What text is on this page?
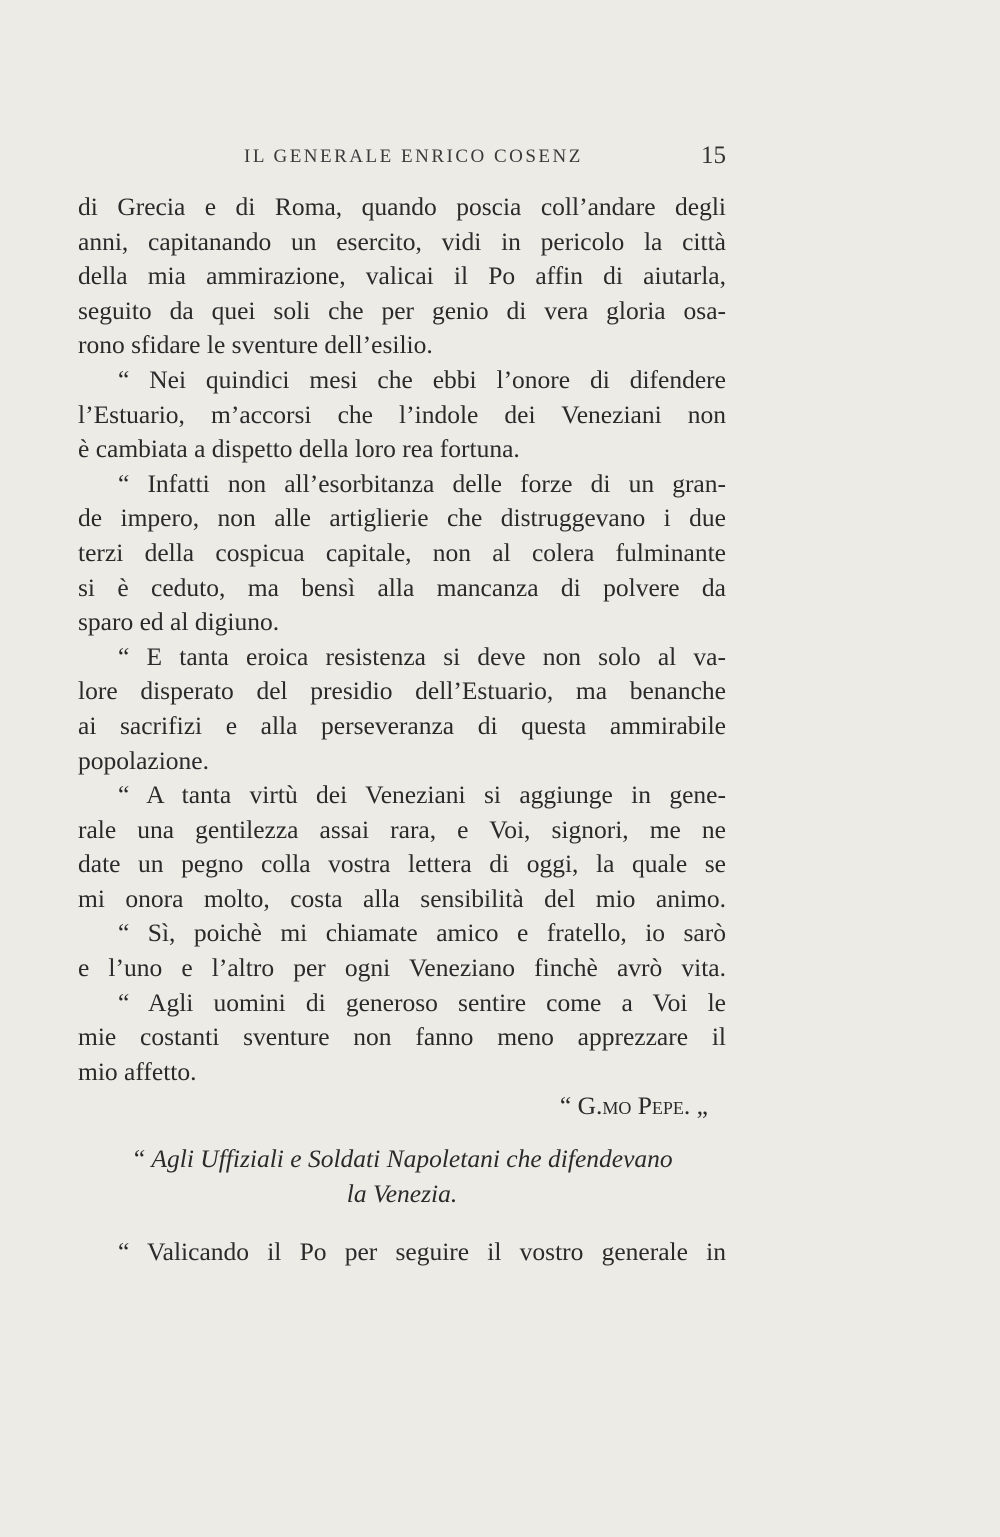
IL GENERALE ENRICO COSENZ	15
di Grecia e di Roma, quando poscia coll’andare degli
anni, capitanando un esercito, vidi in pericolo la città
della mia ammirazione, valicai il Po affin di aiutarla,
seguito da quei soli che per genio di vera gloria osa-
rono sfidare le sventure dell’esilio.
“ Nei quindici mesi che ebbi l’onore di difendere
l’Estuario, m’accorsi che l’indole dei Veneziani non
è cambiata a dispetto della loro rea fortuna.
“ Infatti non all’esorbitanza delle forze di un gran-
de impero, non alle artiglierie che distruggevano i due
terzi della cospicua capitale, non al colera fulminante
si è ceduto, ma bensì alla mancanza di polvere da
sparo ed al digiuno.
“ E tanta eroica resistenza si deve non solo al va-
lore disperato del presidio dell’Estuario, ma benanche
ai sacrifizi e alla perseveranza di questa ammirabile
popolazione.
“ A tanta virtù dei Veneziani si aggiunge in gene-
rale una gentilezza assai rara, e Voi, signori, me ne
date un pegno colla vostra lettera di oggi, la quale se
mi onora molto, costa alla sensibilità del mio animo.
“ Sì, poichè mi chiamate amico e fratello, io sarò
e l’uno e l’altro per ogni Veneziano finchè avrò vita.
“ Agli uomini di generoso sentire come a Voi le
mie costanti sventure non fanno meno apprezzare il
mio affetto.
“ G.mo Pepe. „
“ Agli Uffiziali e Soldati Napoletani che difendevano
la Venezia.
“ Valicando il Po per seguire il vostro generale in
